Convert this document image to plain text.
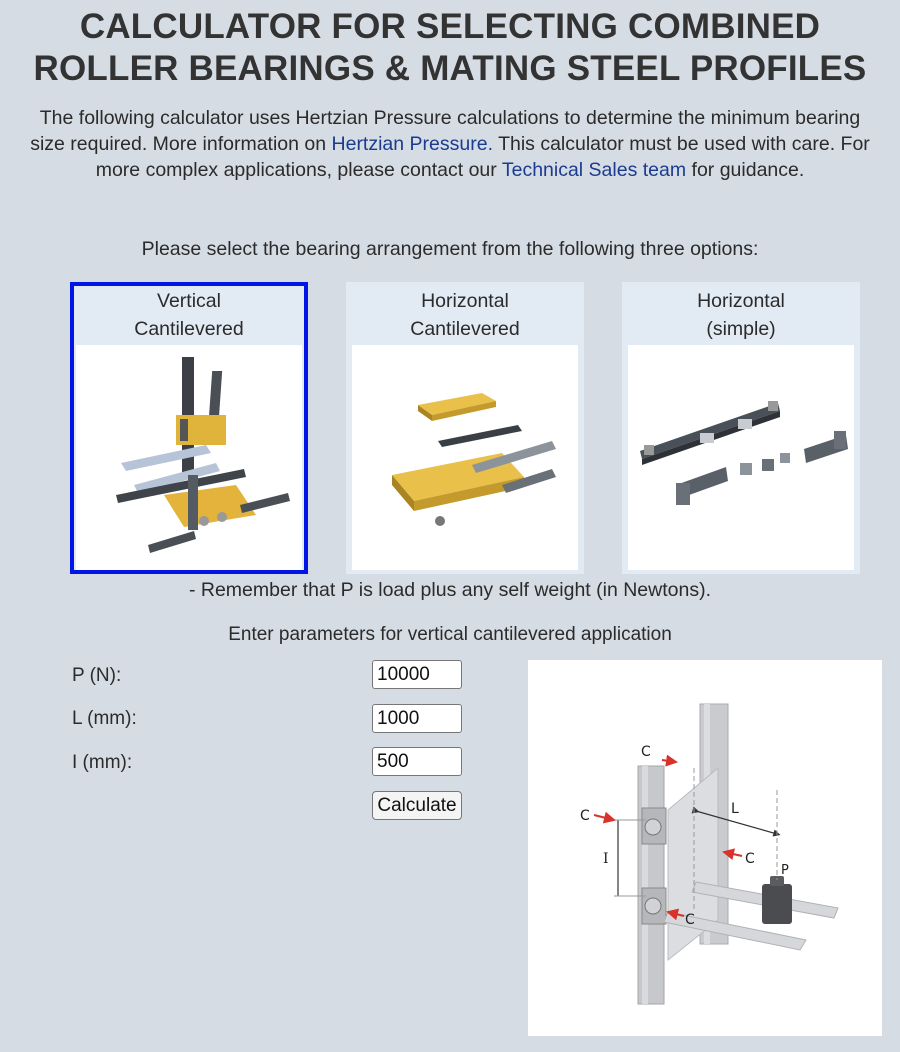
CALCULATOR FOR SELECTING COMBINED
ROLLER BEARINGS & MATING STEEL PROFILES

The following calculator uses Hertzian Pressure calculations to determine the minimum bearing size required. More information on Hertzian Pressure. This calculator must be used with care. For more complex applications, please contact our Technical Sales team for guidance.

Please select the bearing arrangement from the following three options:
Vertical
Cantilevered
Horizontal
Cantilevered
Horizontal
(simple)
- Remember that P is load plus any self weight (in Newtons).
Enter parameters for vertical cantilevered application
P (N):
10000
L (mm):
1000
I (mm):
500
Calculate
C
C
C
C
L
I
P
